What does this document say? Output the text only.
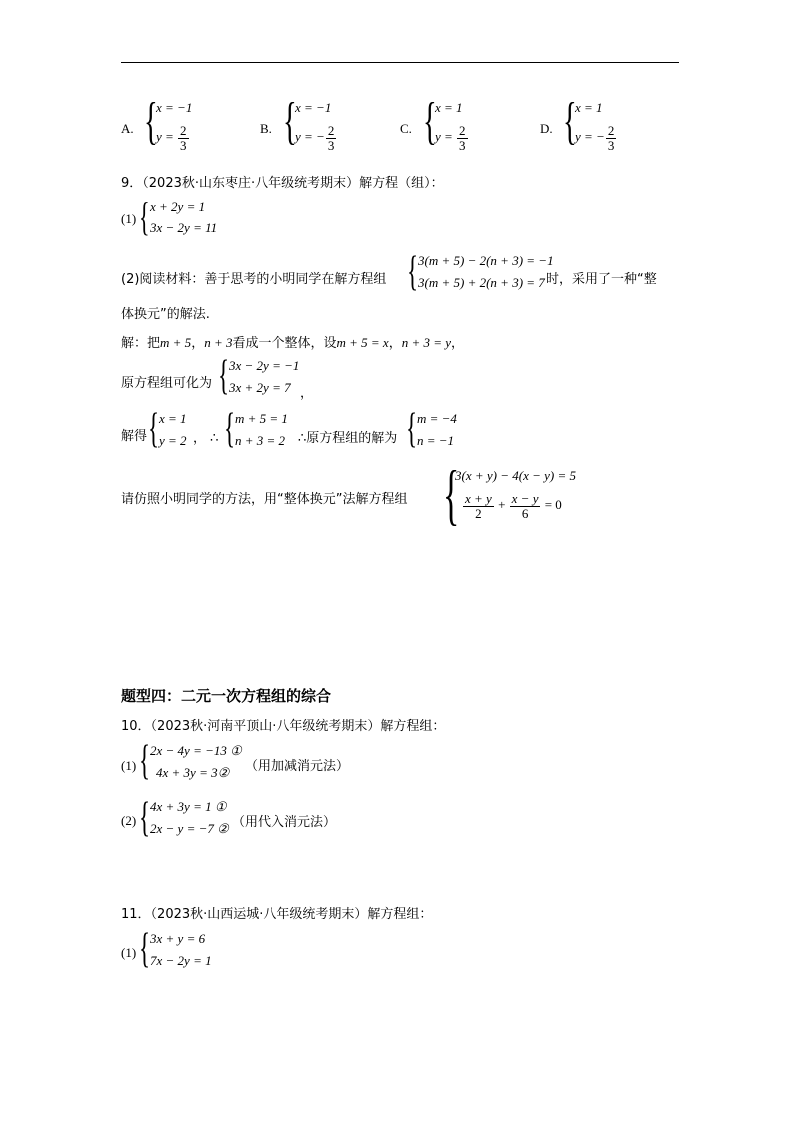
A. {
x = −1
$y = \frac{2}{3}$	B. {
x = −1
y = − $\frac{2}{3}$	C. {
x = 1
$y = \frac{2}{3}$	D. {
x = 1
y = − $\frac{2}{3}$
9．（2023秋·山东枣庄·八年级统考期末）解方程（组）：
(1) { x + 2y = 1
3x − 2y = 11
(2)阅读材料：善于思考的小明同学在解方程组 { 3(m + 5) − 2(n + 3) = −1
3(m + 5) + 2(n + 3) = 7 时，采用了一种“整
体换元”的解法.
解：把m + 5，n + 3看成一个整体，设m + 5 = x，n + 3 = y，
原方程组可化为 { 3x − 2y = −1
3x + 2y = 7 ，
解得 { x = 1
y = 2 ， ∴ { m + 5 = 1
n + 3 = 2 ∴原方程组的解为 { m = −4
n = −1
请仿照小明同学的方法，用“整体换元”法解方程组 {
3(x + y) − 4(x − y) = 5
$\frac{x + y}{2} + \frac{x - y}{6} = 0$
题型四：二元一次方程组的综合
10．（2023秋·河南平顶山·八年级统考期末）解方程组：
(1) { 2x − 4y = −13 ①
4x + 3y = 3② （用加减消元法）
(2) { 4x + 3y = 1 ①
2x − y = −7 ② （用代入消元法）
11．（2023秋·山西运城·八年级统考期末）解方程组：
(1) { 3x + y = 6
7x − 2y = 1
